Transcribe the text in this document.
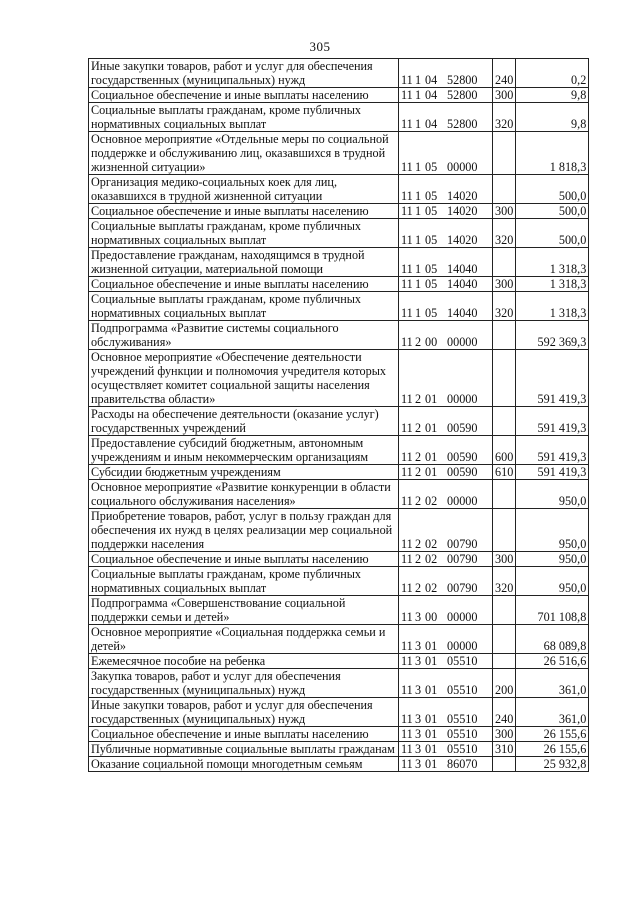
305
Иные закупки товаров, работ и услуг для обеспечения государственных (муниципальных) нужд	11 1 04 52800	240	0,2
Социальное обеспечение и иные выплаты населению	11 1 04 52800	300	9,8
Социальные выплаты гражданам, кроме публичных нормативных социальных выплат	11 1 04 52800	320	9,8
Основное мероприятие «Отдельные меры по социальной поддержке и обслуживанию лиц, оказавшихся в трудной жизненной ситуации»	11 1 05 00000		1 818,3
Организация медико-социальных коек для лиц, оказавшихся в трудной жизненной ситуации	11 1 05 14020		500,0
Социальное обеспечение и иные выплаты населению	11 1 05 14020	300	500,0
Социальные выплаты гражданам, кроме публичных нормативных социальных выплат	11 1 05 14020	320	500,0
Предоставление гражданам, находящимся в трудной жизненной ситуации, материальной помощи	11 1 05 14040		1 318,3
Социальное обеспечение и иные выплаты населению	11 1 05 14040	300	1 318,3
Социальные выплаты гражданам, кроме публичных нормативных социальных выплат	11 1 05 14040	320	1 318,3
Подпрограмма «Развитие системы социального обслуживания»	11 2 00 00000		592 369,3
Основное мероприятие «Обеспечение деятельности учреждений функции и полномочия учредителя которых осуществляет комитет социальной защиты населения правительства области»	11 2 01 00000		591 419,3
Расходы на обеспечение деятельности (оказание услуг) государственных учреждений	11 2 01 00590		591 419,3
Предоставление субсидий бюджетным, автономным учреждениям и иным некоммерческим организациям	11 2 01 00590	600	591 419,3
Субсидии бюджетным учреждениям	11 2 01 00590	610	591 419,3
Основное мероприятие «Развитие конкуренции в области социального обслуживания населения»	11 2 02 00000		950,0
Приобретение товаров, работ, услуг в пользу граждан для обеспечения их нужд в целях реализации мер социальной поддержки населения	11 2 02 00790		950,0
Социальное обеспечение и иные выплаты населению	11 2 02 00790	300	950,0
Социальные выплаты гражданам, кроме публичных нормативных социальных выплат	11 2 02 00790	320	950,0
Подпрограмма «Совершенствование социальной поддержки семьи и детей»	11 3 00 00000		701 108,8
Основное мероприятие «Социальная поддержка семьи и детей»	11 3 01 00000		68 089,8
Ежемесячное пособие на ребенка	11 3 01 05510		26 516,6
Закупка товаров, работ и услуг для обеспечения государственных (муниципальных) нужд	11 3 01 05510	200	361,0
Иные закупки товаров, работ и услуг для обеспечения государственных (муниципальных) нужд	11 3 01 05510	240	361,0
Социальное обеспечение и иные выплаты населению	11 3 01 05510	300	26 155,6
Публичные нормативные социальные выплаты гражданам	11 3 01 05510	310	26 155,6
Оказание социальной помощи многодетным семьям	11 3 01 86070		25 932,8
